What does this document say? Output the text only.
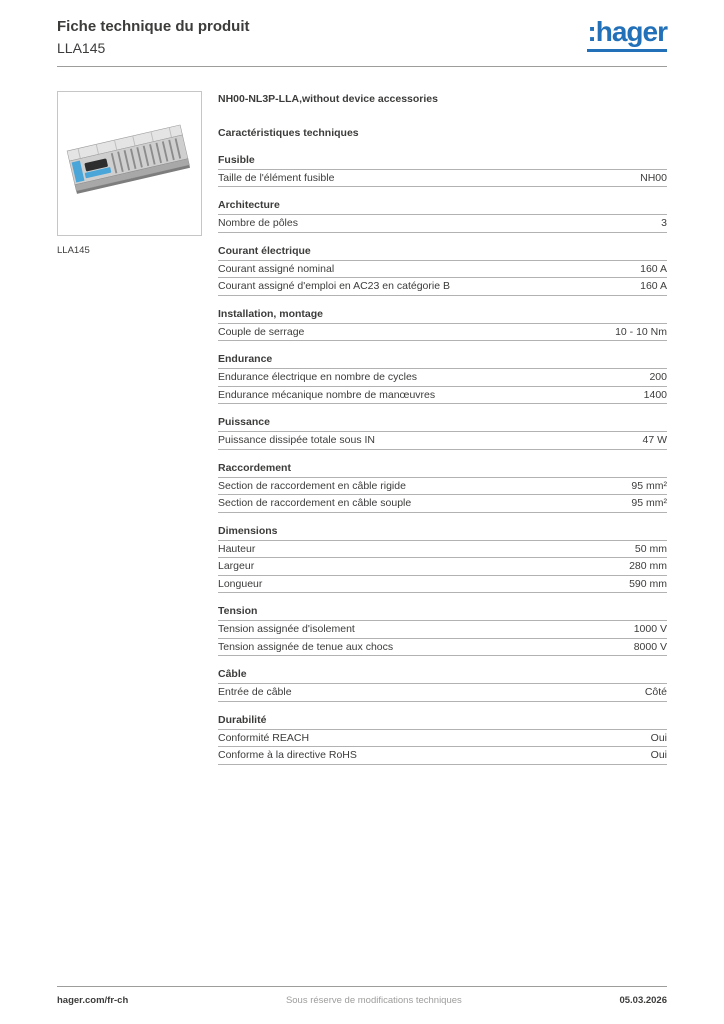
Fiche technique du produit
LLA145
:hager
LLA145
NH00-NL3P-LLA,without device accessories
Caractéristiques techniques
Fusible
Taille de l'élément fusible	NH00
Architecture
Nombre de pôles	3
Courant électrique
Courant assigné nominal	160 A
Courant assigné d'emploi en AC23 en catégorie B	160 A
Installation, montage
Couple de serrage	10 - 10 Nm
Endurance
Endurance électrique en nombre de cycles	200
Endurance mécanique nombre de manœuvres	1400
Puissance
Puissance dissipée totale sous IN	47 W
Raccordement
Section de raccordement en câble rigide	95 mm²
Section de raccordement en câble souple	95 mm²
Dimensions
Hauteur	50 mm
Largeur	280 mm
Longueur	590 mm
Tension
Tension assignée d'isolement	1000 V
Tension assignée de tenue aux chocs	8000 V
Câble
Entrée de câble	Côté
Durabilité
Conformité REACH	Oui
Conforme à la directive RoHS	Oui
hager.com/fr-ch	Sous réserve de modifications techniques	05.03.2026
